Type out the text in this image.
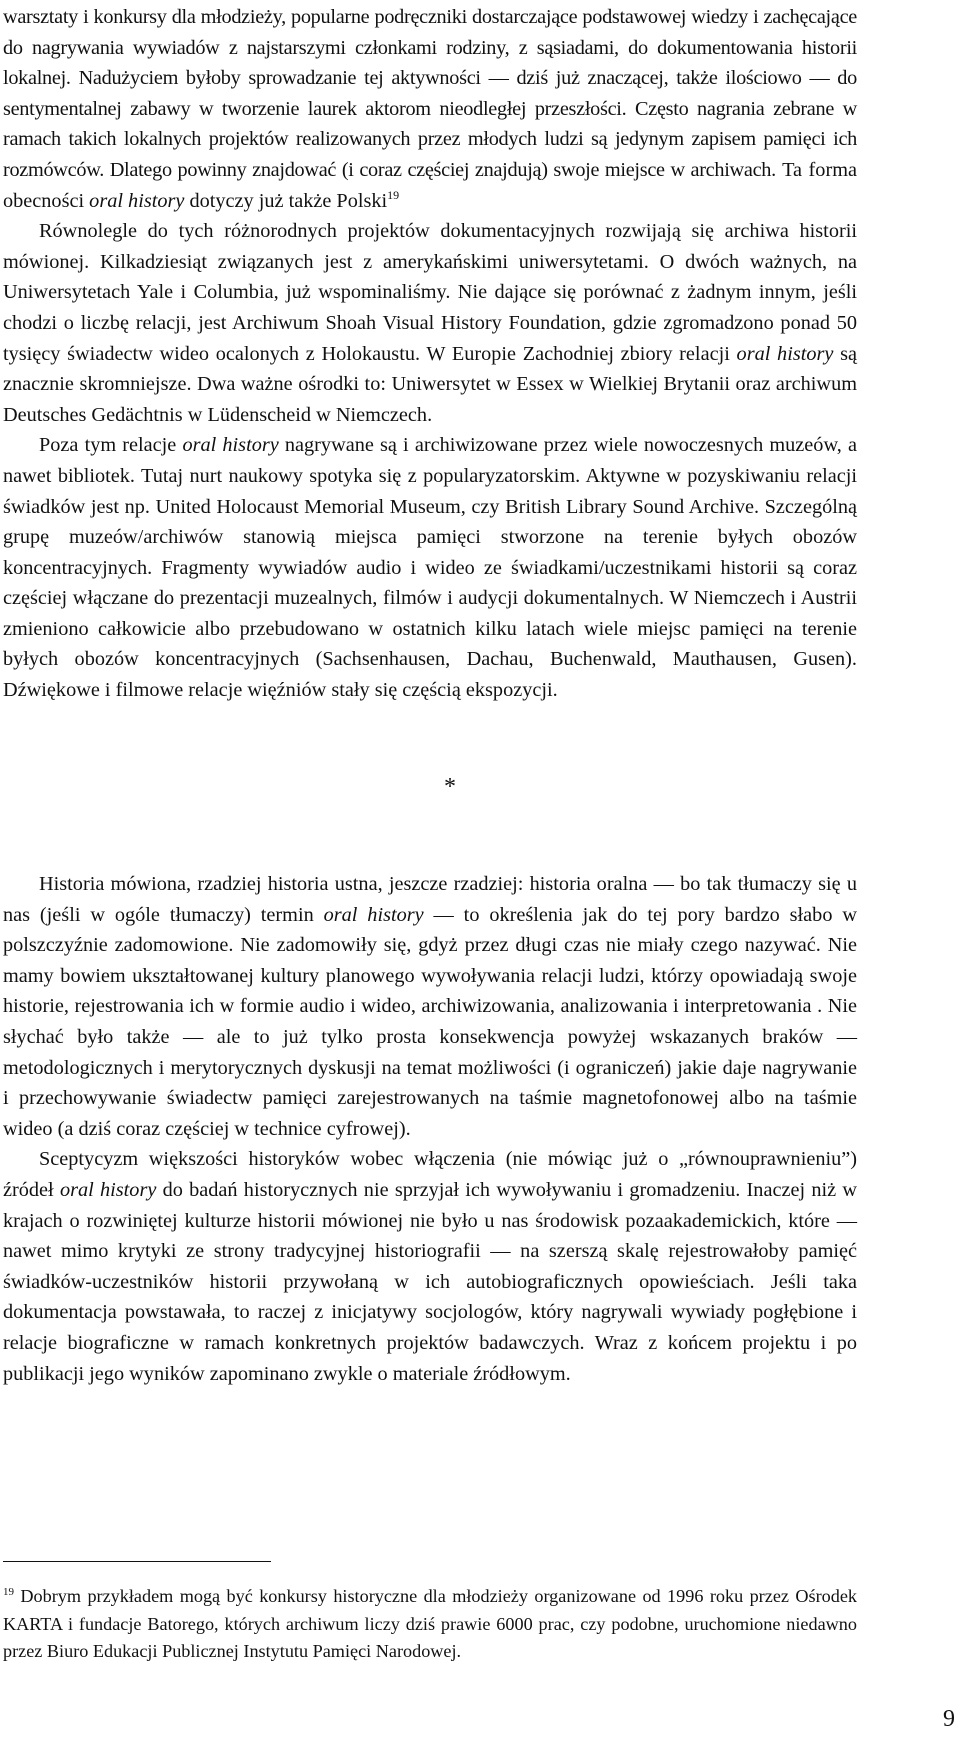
warsztaty i konkursy dla młodzieży, popularne podręczniki dostarczające podstawowej wiedzy i zachęcające do nagrywania wywiadów z najstarszymi członkami rodziny, z sąsiadami, do dokumentowania historii lokalnej. Nadużyciem byłoby sprowadzanie tej aktywności — dziś już znaczącej, także ilościowo — do sentymentalnej zabawy w tworzenie laurek aktorom nieodległej przeszłości. Często nagrania zebrane w ramach takich lokalnych projektów realizowanych przez młodych ludzi są jedynym zapisem pamięci ich rozmówców. Dlatego powinny znajdować (i coraz częściej znajdują) swoje miejsce w archiwach. Ta forma obecności oral history dotyczy już także Polski$^{19}$

Równolegle do tych różnorodnych projektów dokumentacyjnych rozwijają się archiwa historii mówionej. Kilkadziesiąt związanych jest z amerykańskimi uniwersytetami. O dwóch ważnych, na Uniwersytetach Yale i Columbia, już wspominaliśmy. Nie dające się porównać z żadnym innym, jeśli chodzi o liczbę relacji, jest Archiwum Shoah Visual History Foundation, gdzie zgromadzono ponad 50 tysięcy świadectw wideo ocalonych z Holokaustu. W Europie Zachodniej zbiory relacji oral history są znacznie skromniejsze. Dwa ważne ośrodki to: Uniwersytet w Essex w Wielkiej Brytanii oraz archiwum Deutsches Gedächtnis w Lüdenscheid w Niemczech.

Poza tym relacje oral history nagrywane są i archiwizowane przez wiele nowoczesnych muzeów, a nawet bibliotek. Tutaj nurt naukowy spotyka się z popularyzatorskim. Aktywne w pozyskiwaniu relacji świadków jest np. United Holocaust Memorial Museum, czy British Library Sound Archive. Szczególną grupę muzeów/archiwów stanowią miejsca pamięci stworzone na terenie byłych obozów koncentracyjnych. Fragmenty wywiadów audio i wideo ze świadkami/uczestnikami historii są coraz częściej włączane do prezentacji muzealnych, filmów i audycji dokumentalnych. W Niemczech i Austrii zmieniono całkowicie albo przebudowano w ostatnich kilku latach wiele miejsc pamięci na terenie byłych obozów koncentracyjnych (Sachsenhausen, Dachau, Buchenwald, Mauthausen, Gusen). Dźwiękowe i filmowe relacje więźniów stały się częścią ekspozycji.

*

Historia mówiona, rzadziej historia ustna, jeszcze rzadziej: historia oralna — bo tak tłumaczy się u nas (jeśli w ogóle tłumaczy) termin oral history — to określenia jak do tej pory bardzo słabo w polszczyźnie zadomowione. Nie zadomowiły się, gdyż przez długi czas nie miały czego nazywać. Nie mamy bowiem ukształtowanej kultury planowego wywoływania relacji ludzi, którzy opowiadają swoje historie, rejestrowania ich w formie audio i wideo, archiwizowania, analizowania i interpretowania . Nie słychać było także — ale to już tylko prosta konsekwencja powyżej wskazanych braków — metodologicznych i merytorycznych dyskusji na temat możliwości (i ograniczeń) jakie daje nagrywanie i przechowywanie świadectw pamięci zarejestrowanych na taśmie magnetofonowej albo na taśmie wideo (a dziś coraz częściej w technice cyfrowej).

Sceptycyzm większości historyków wobec włączenia (nie mówiąc już o „równouprawnieniu”) źródeł oral history do badań historycznych nie sprzyjał ich wywoływaniu i gromadzeniu. Inaczej niż w krajach o rozwiniętej kulturze historii mówionej nie było u nas środowisk pozaakademickich, które — nawet mimo krytyki ze strony tradycyjnej historiografii — na szerszą skalę rejestrowałoby pamięć świadków-uczestników historii przywołaną w ich autobiograficznych opowieściach. Jeśli taka dokumentacja powstawała, to raczej z inicjatywy socjologów, który nagrywali wywiady pogłębione i relacje biograficzne w ramach konkretnych projektów badawczych. Wraz z końcem projektu i po publikacji jego wyników zapominano zwykle o materiale źródłowym.

$^{19}$ Dobrym przykładem mogą być konkursy historyczne dla młodzieży organizowane od 1996 roku przez Ośrodek KARTA i fundacje Batorego, których archiwum liczy dziś prawie 6000 prac, czy podobne, uruchomione niedawno przez Biuro Edukacji Publicznej Instytutu Pamięci Narodowej.
9
